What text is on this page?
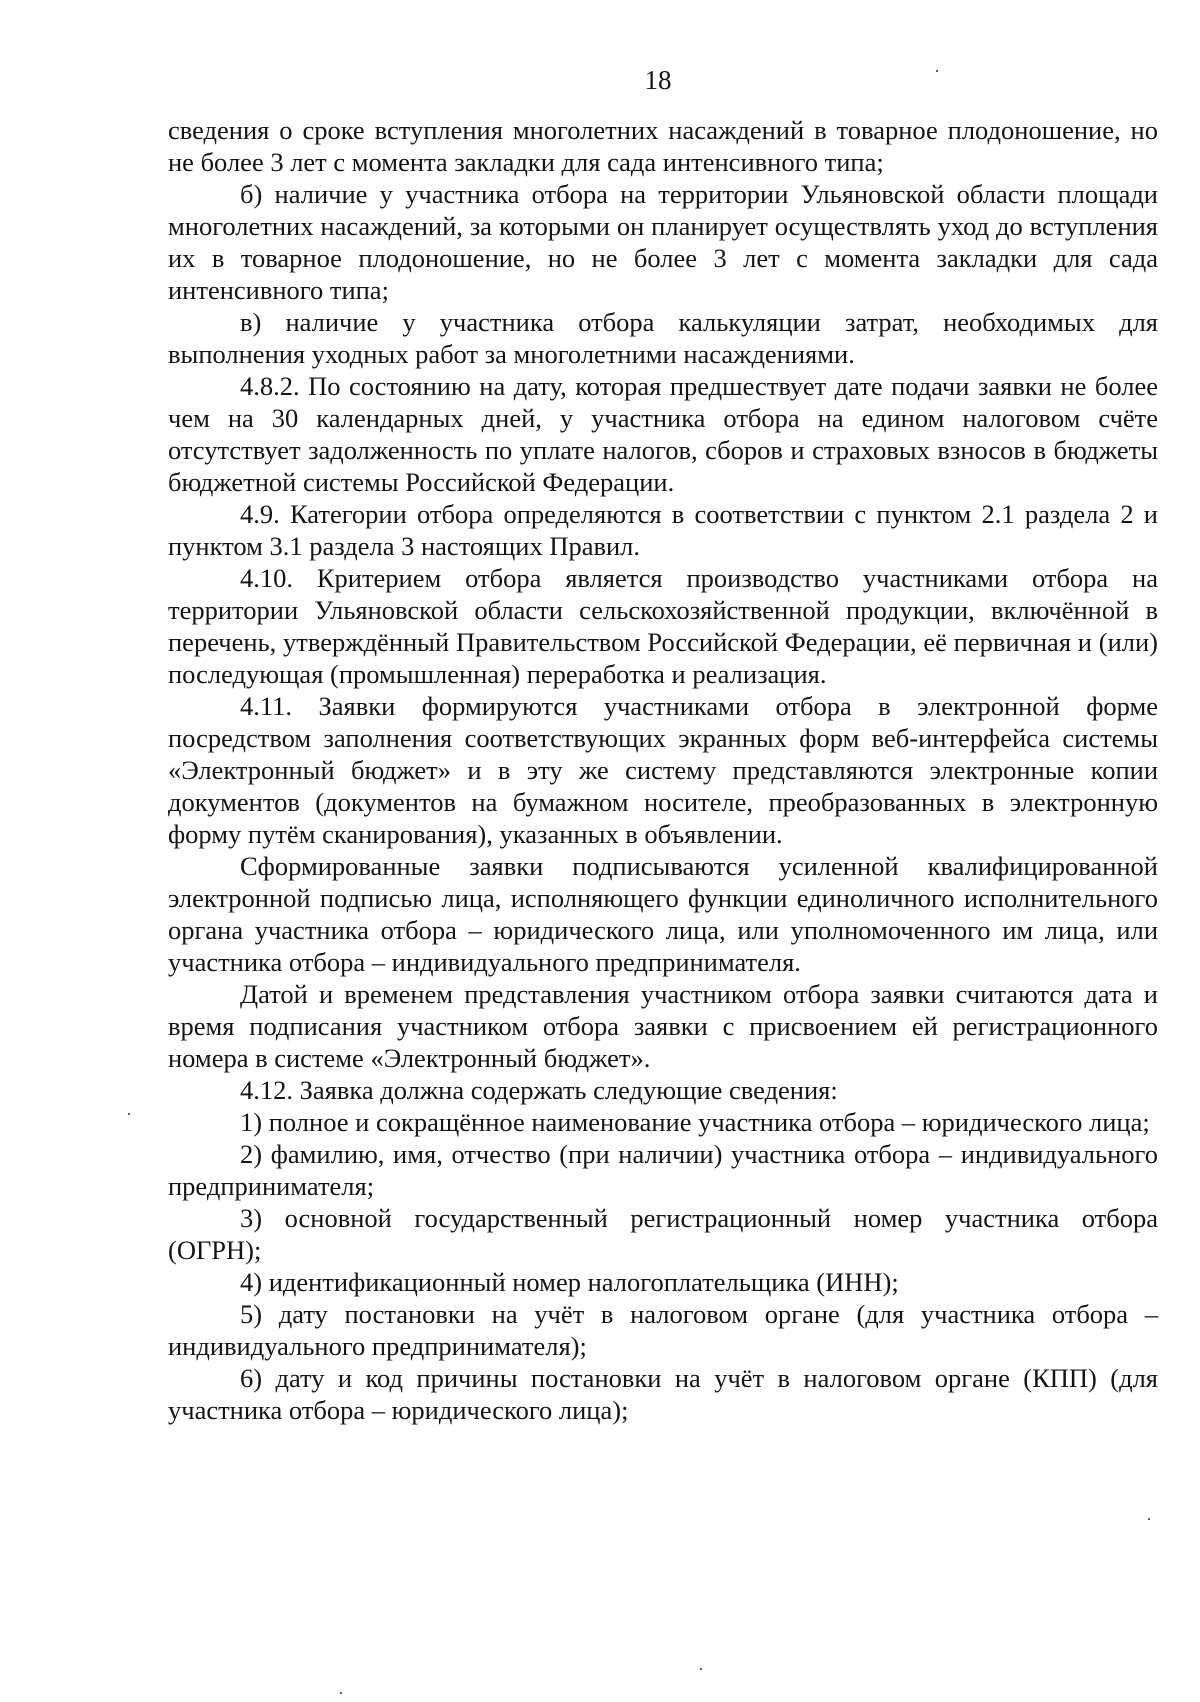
18

сведения о сроке вступления многолетних насаждений в товарное плодоношение, но не более 3 лет с момента закладки для сада интенсивного типа;

б) наличие у участника отбора на территории Ульяновской области площади многолетних насаждений, за которыми он планирует осуществлять уход до вступления их в товарное плодоношение, но не более 3 лет с момента закладки для сада интенсивного типа;

в) наличие у участника отбора калькуляции затрат, необходимых для выполнения уходных работ за многолетними насаждениями.

4.8.2. По состоянию на дату, которая предшествует дате подачи заявки не более чем на 30 календарных дней, у участника отбора на едином налоговом счёте отсутствует задолженность по уплате налогов, сборов и страховых взносов в бюджеты бюджетной системы Российской Федерации.

4.9. Категории отбора определяются в соответствии с пунктом 2.1 раздела 2 и пунктом 3.1 раздела 3 настоящих Правил.

4.10. Критерием отбора является производство участниками отбора на территории Ульяновской области сельскохозяйственной продукции, включённой в перечень, утверждённый Правительством Российской Федерации, её первичная и (или) последующая (промышленная) переработка и реализация.

4.11. Заявки формируются участниками отбора в электронной форме посредством заполнения соответствующих экранных форм веб-интерфейса системы «Электронный бюджет» и в эту же систему представляются электронные копии документов (документов на бумажном носителе, преобразованных в электронную форму путём сканирования), указанных в объявлении.

Сформированные заявки подписываются усиленной квалифицированной электронной подписью лица, исполняющего функции единоличного исполнительного органа участника отбора – юридического лица, или уполномоченного им лица, или участника отбора – индивидуального предпринимателя.

Датой и временем представления участником отбора заявки считаются дата и время подписания участником отбора заявки с присвоением ей регистрационного номера в системе «Электронный бюджет».

4.12. Заявка должна содержать следующие сведения:

1) полное и сокращённое наименование участника отбора – юридического лица;

2) фамилию, имя, отчество (при наличии) участника отбора – индивидуального предпринимателя;

3) основной государственный регистрационный номер участника отбора (ОГРН);

4) идентификационный номер налогоплательщика (ИНН);

5) дату постановки на учёт в налоговом органе (для участника отбора – индивидуального предпринимателя);

6) дату и код причины постановки на учёт в налоговом органе (КПП) (для участника отбора – юридического лица);
